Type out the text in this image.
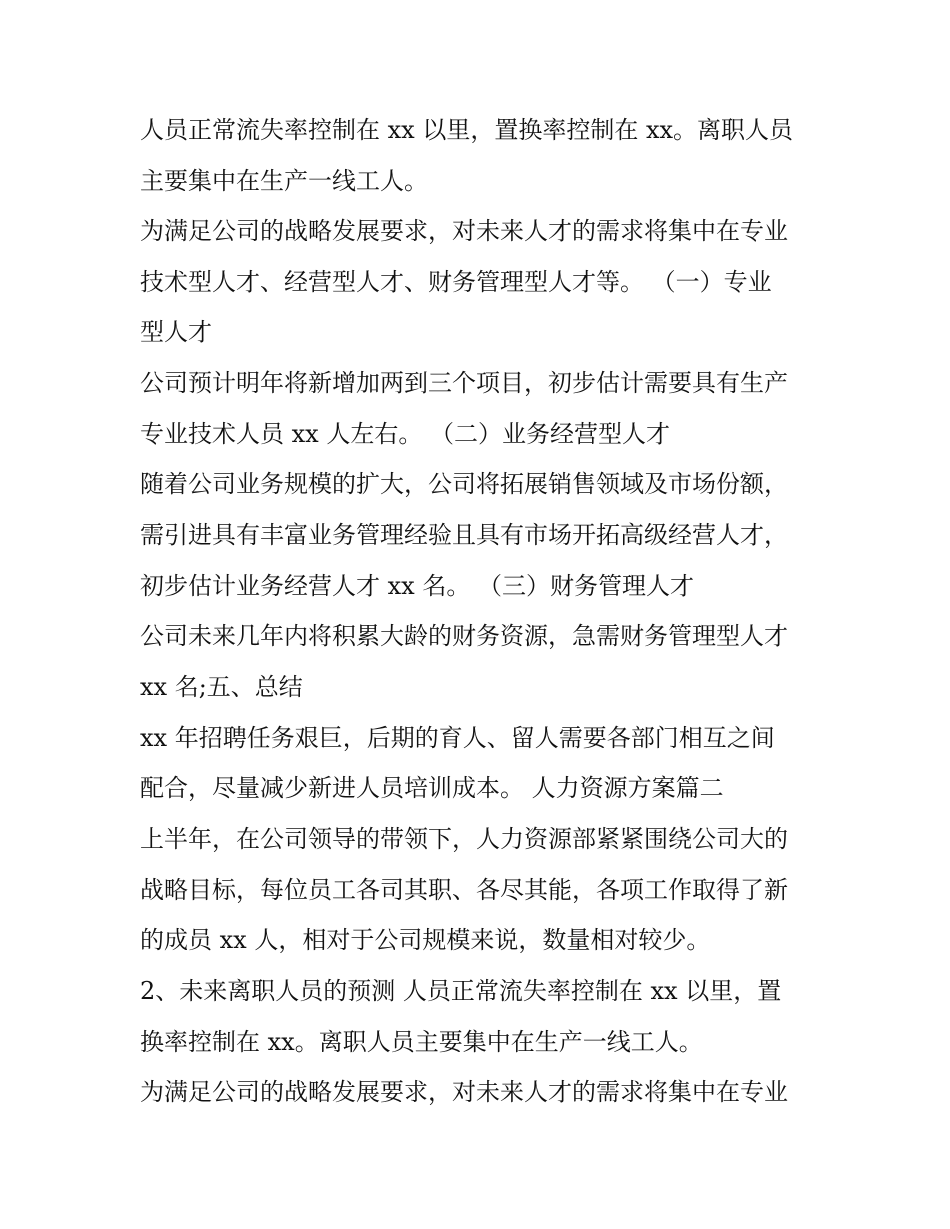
人员正常流失率控制在 xx 以里，置换率控制在 xx。离职人员
主要集中在生产一线工人。
为满足公司的战略发展要求，对未来人才的需求将集中在专业
技术型人才、经营型人才、财务管理型人才等。 （一）专业
型人才
公司预计明年将新增加两到三个项目，初步估计需要具有生产
专业技术人员 xx 人左右。 （二）业务经营型人才
随着公司业务规模的扩大，公司将拓展销售领域及市场份额，
需引进具有丰富业务管理经验且具有市场开拓高级经营人才，
初步估计业务经营人才 xx 名。 （三）财务管理人才
公司未来几年内将积累大龄的财务资源，急需财务管理型人才
xx 名;五、总结
xx 年招聘任务艰巨，后期的育人、留人需要各部门相互之间
配合，尽量减少新进人员培训成本。 人力资源方案篇二
上半年，在公司领导的带领下，人力资源部紧紧围绕公司大的
战略目标，每位员工各司其职、各尽其能，各项工作取得了新
的成员 xx 人，相对于公司规模来说，数量相对较少。
2、未来离职人员的预测 人员正常流失率控制在 xx 以里，置
换率控制在 xx。离职人员主要集中在生产一线工人。
为满足公司的战略发展要求，对未来人才的需求将集中在专业
